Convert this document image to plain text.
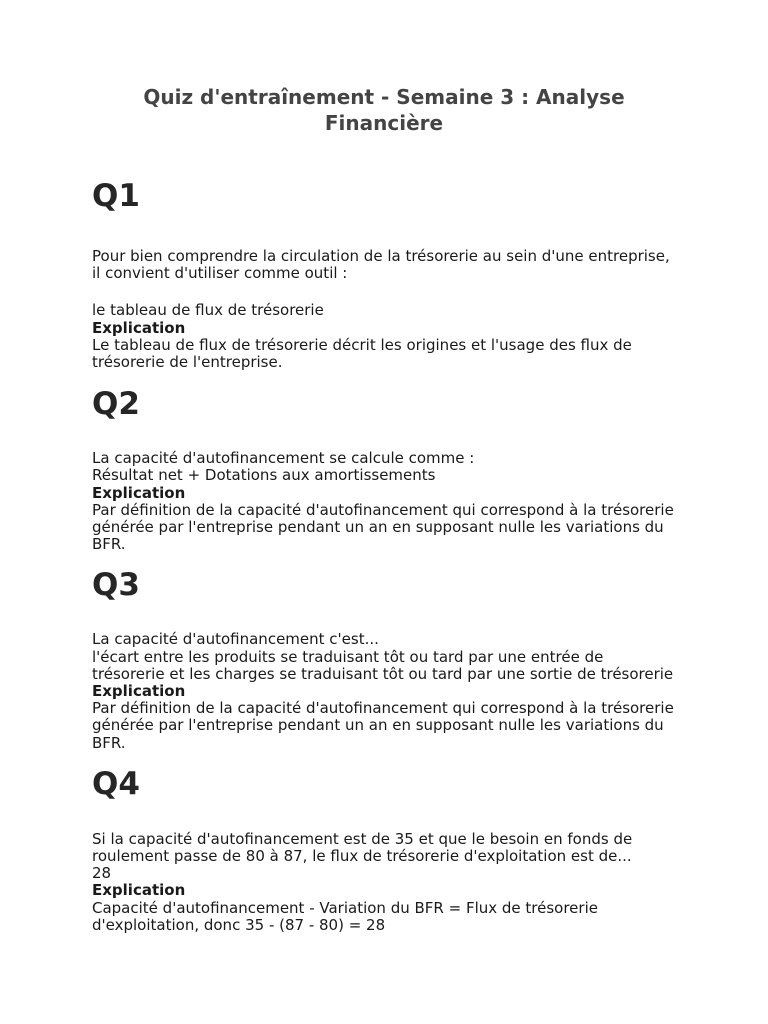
Quiz d'entraînement - Semaine 3 : Analyse Financière
Q1

Pour bien comprendre la circulation de la trésorerie au sein d'une entreprise, il convient d'utiliser comme outil :

le tableau de flux de trésorerie

Explication

Le tableau de flux de trésorerie décrit les origines et l'usage des flux de trésorerie de l'entreprise.

Q2

La capacité d'autofinancement se calcule comme :

Résultat net + Dotations aux amortissements

Explication

Par définition de la capacité d'autofinancement qui correspond à la trésorerie générée par l'entreprise pendant un an en supposant nulle les variations du BFR.

Q3

La capacité d'autofinancement c'est...

l'écart entre les produits se traduisant tôt ou tard par une entrée de trésorerie et les charges se traduisant tôt ou tard par une sortie de trésorerie

Explication

Par définition de la capacité d'autofinancement qui correspond à la trésorerie générée par l'entreprise pendant un an en supposant nulle les variations du BFR.

Q4

Si la capacité d'autofinancement est de 35 et que le besoin en fonds de roulement passe de 80 à 87, le flux de trésorerie d'exploitation est de...

28

Explication

Capacité d'autofinancement - Variation du BFR = Flux de trésorerie d'exploitation, donc 35 - (87 - 80) = 28
